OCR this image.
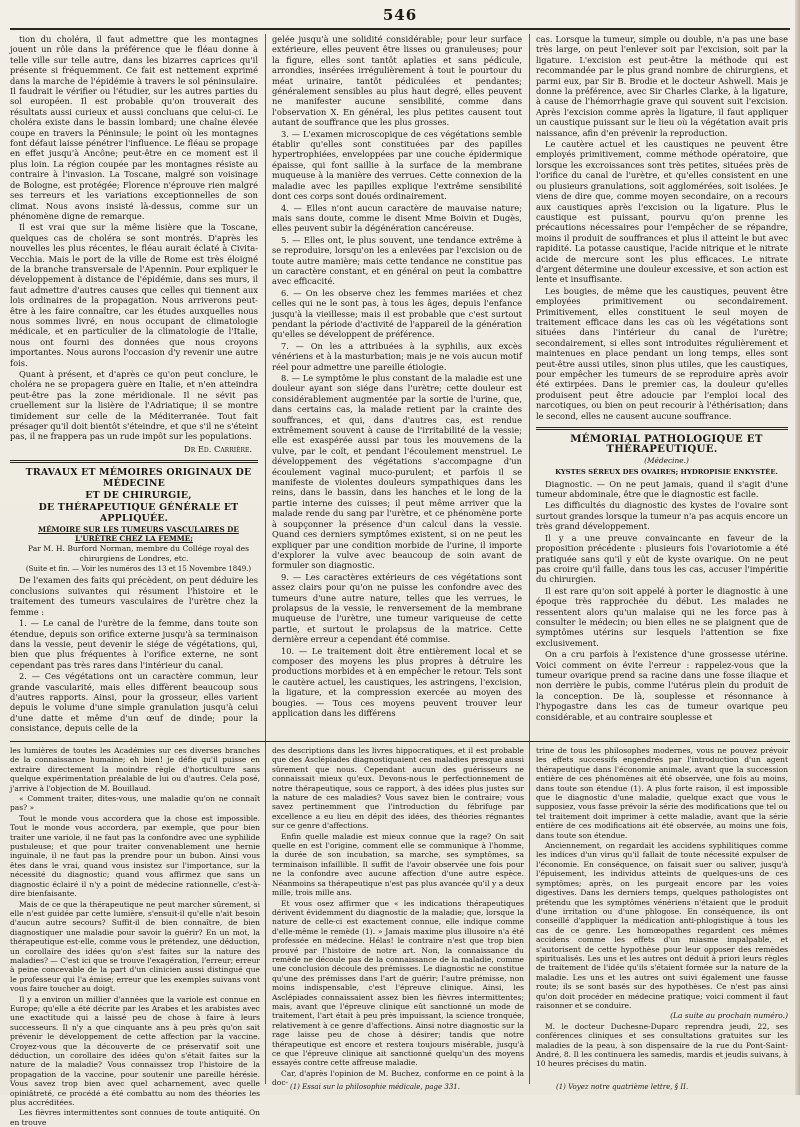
546

tion du choléra, il faut admettre que les montagnes jouent un rôle dans la préférence que le fléau donne à telle ville sur telle autre, dans les bizarres caprices qu'il présente si fréquemment. Ce fait est nettement exprimé dans la marche de l'épidémie à travers le sol péninsulaire. Il faudrait le vérifier ou l'étudier, sur les autres parties du sol européen. Il est probable qu'on trouverait des résultats aussi curieux et aussi concluans que celui-ci. Le choléra existe dans le bassin lombard; une chaîne élevée coupe en travers la Péninsule; le point où les montagnes font défaut laisse pénétrer l'influence. Le fléau se propage en effet jusqu'à Ancône; peut-être en ce moment est il plus loin. La région coupée par les montagnes résiste au contraire à l'invasion. La Toscane, malgré son voisinage de Bologne, est protégée; Florence n'éprouve rien malgré ses terreurs et les variations exceptionnelles de son climat. Nous avons insisté là-dessus, comme sur un phénomène digne de remarque.

Il est vrai que sur la même lisière que la Toscane, quelques cas de choléra se sont montrés. D'après les nouvelles les plus récentes, le fléau aurait éclaté à Civita-Vecchia. Mais le port de la ville de Rome est très éloigné de la branche transversale de l'Apennin. Pour expliquer le développement à distance de l'épidémie, dans ses murs, il faut admettre d'autres causes que celles qui tiennent aux lois ordinaires de la propagation. Nous arriverons peut-être à les faire connaître, car les études auxquelles nous nous sommes livré, en nous occupant de climatologie médicale, et en particulier de la climatologie de l'Italie, nous ont fourni des données que nous croyons importantes. Nous aurons l'occasion d'y revenir une autre fois.

Quant à présent, et d'après ce qu'on peut conclure, le choléra ne se propagera guère en Italie, et n'en atteindra peut-être pas la zone méridionale. Il ne sévit pas cruellement sur la lisière de l'Adriatique; il se montre timidement sur celle de la Méditerranée. Tout fait présager qu'il doit bientôt s'éteindre, et que s'il ne s'éteint pas, il ne frappera pas un rude impôt sur les populations.

Dr Ed. Carrière.

TRAVAUX ET MÉMOIRES ORIGINAUX DE MÉDECINE

ET DE CHIRURGIE,

DE THÉRAPEUTIQUE GÉNÉRALE ET APPLIQUÉE.

MÉMOIRE SUR LES TUMEURS VASCULAIRES DE L'URÈTRE CHEZ LA FEMME;

Par M. H. Burford Norman, membre du Collége royal des chirurgiens de Londres, etc.

(Suite et fin. — Voir les numéros des 13 et 15 Novembre 1849.)

De l'examen des faits qui précèdent, on peut déduire les conclusions suivantes qui résument l'histoire et le traitement des tumeurs vasculaires de l'urètre chez la femme :

1. — Le canal de l'urètre de la femme, dans toute son étendue, depuis son orifice externe jusqu'à sa terminaison dans la vessie, peut devenir le siége de végétations, qui, bien que plus fréquentes à l'orifice externe, ne sont cependant pas très rares dans l'intérieur du canal.

2. — Ces végétations ont un caractère commun, leur grande vascularité, mais elles diffèrent beaucoup sous d'autres rapports. Ainsi, pour la grosseur, elles varient depuis le volume d'une simple granulation jusqu'à celui d'une datte et même d'un œuf de dinde; pour la consistance, depuis celle de la

gelée jusqu'à une solidité considérable; pour leur surface extérieure, elles peuvent être lisses ou granuleuses; pour la figure, elles sont tantôt aplaties et sans pédicule, arrondies, insérées irrégulièrement à tout le pourtour du méat urinaire, tantôt pédiculées et pendantes; généralement sensibles au plus haut degré, elles peuvent ne manifester aucune sensibilité, comme dans l'observation X. En général, les plus petites causent tout autant de souffrance que les plus grosses.

3. — L'examen microscopique de ces végétations semble établir qu'elles sont constituées par des papilles hypertrophiées, enveloppées par une couche épidermique épaisse, qui font saillie à la surface de la membrane muqueuse à la manière des verrues. Cette connexion de la maladie avec les papilles explique l'extrême sensibilité dont ces corps sont doués ordinairement.

4. — Elles n'ont aucun caractère de mauvaise nature; mais sans doute, comme le disent Mme Boivin et Dugès, elles peuvent subir la dégénération cancéreuse.

5. — Elles ont, le plus souvent, une tendance extrême à se reproduire, lorsqu'on les a enlevées par l'excision ou de toute autre manière; mais cette tendance ne constitue pas un caractère constant, et en général on peut la combattre avec efficacité.

6. — On les observe chez les femmes mariées et chez celles qui ne le sont pas, à tous les âges, depuis l'enfance jusqu'à la vieillesse; mais il est probable que c'est surtout pendant la période d'activité de l'appareil de la génération qu'elles se développent de préférence.

7. — On les a attribuées à la syphilis, aux excès vénériens et à la masturbation; mais je ne vois aucun motif réel pour admettre une pareille étiologie.

8. — Le symptôme le plus constant de la maladie est une douleur ayant son siége dans l'urètre; cette douleur est considérablement augmentée par la sortie de l'urine, que, dans certains cas, la malade retient par la crainte des souffrances, et qui, dans d'autres cas, est rendue extrêmement souvent à cause de l'irritabilité de la vessie; elle est exaspérée aussi par tous les mouvemens de la vulve, par le coït, et pendant l'écoulement menstruel. Le développement des végétations s'accompagne d'un écoulement vaginal muco-purulent; et parfois il se manifeste de violentes douleurs sympathiques dans les reins, dans le bassin, dans les hanches et le long de la partie interne des cuisses; il peut même arriver que la malade rende du sang par l'urètre, et ce phénomène porte à soupçonner la présence d'un calcul dans la vessie. Quand ces derniers symptômes existent, si on ne peut les expliquer par une condition morbide de l'urine, il importe d'explorer la vulve avec beaucoup de soin avant de formuler son diagnostic.

9. — Les caractères extérieurs de ces végétations sont assez clairs pour qu'on ne puisse les confondre avec des tumeurs d'une autre nature, telles que les verrues, le prolapsus de la vessie, le renversement de la membrane muqueuse de l'urètre, une tumeur variqueuse de cette partie, et surtout le prolapsus de la matrice. Cette dernière erreur a cependant été commise.

10. — Le traitement doit être entièrement local et se composer des moyens les plus propres à détruire les productions morbides et à en empêcher le retour. Tels sont le cautère actuel, les caustiques, les astringens, l'excision, la ligature, et la compression exercée au moyen des bougies. — Tous ces moyens peuvent trouver leur application dans les différens

cas. Lorsque la tumeur, simple ou double, n'a pas une base très large, on peut l'enlever soit par l'excision, soit par la ligature. L'excision est peut-être la méthode qui est recommandée par le plus grand nombre de chirurgiens, et parmi eux, par Sir B. Brodie et le docteur Ashwell. Mais je donne la préférence, avec Sir Charles Clarke, à la ligature, à cause de l'hémorrhagie grave qui souvent suit l'excision. Après l'excision comme après la ligature, il faut appliquer un caustique puissant sur le lieu où la végétation avait pris naissance, afin d'en prévenir la reproduction.

Le cautère actuel et les caustiques ne peuvent être employés primitivement, comme méthode opératoire, que lorsque les excroissances sont très petites, situées près de l'orifice du canal de l'urètre, et qu'elles consistent en une ou plusieurs granulations, soit agglomérées, soit isolées. Je viens de dire que, comme moyen secondaire, on a recours aux caustiques après l'excision ou la ligature. Plus le caustique est puissant, pourvu qu'on prenne les précautions nécessaires pour l'empêcher de se répandre, moins il produit de souffrances et plus il atteint le but avec rapidité. La potasse caustique, l'acide nitrique et le nitrate acide de mercure sont les plus efficaces. Le nitrate d'argent détermine une douleur excessive, et son action est lente et insuffisante.

Les bougies, de même que les caustiques, peuvent être employées primitivement ou secondairement. Primitivement, elles constituent le seul moyen de traitement efficace dans les cas où les végétations sont situées dans l'intérieur du canal de l'urètre; secondairement, si elles sont introduites régulièrement et maintenues en place pendant un long temps, elles sont peut-être aussi utiles, sinon plus utiles, que les caustiques, pour empêcher les tumeurs de se reproduire après avoir été extirpées. Dans le premier cas, la douleur qu'elles produisent peut être adoucie par l'emploi local des narcotiques, ou bien on peut recourir à l'éthérisation; dans le second, elles ne causent aucune souffrance.

MÉMORIAL PATHOLOGIQUE ET THÉRAPEUTIQUE.

(Médecine.)

KYSTES SÉREUX DES OVAIRES; HYDROPISIE ENKYSTÉE.

Diagnostic. — On ne peut jamais, quand il s'agit d'une tumeur abdominale, être que le diagnostic est facile.

Les difficultés du diagnostic des kystes de l'ovaire sont surtout grandes lorsque la tumeur n'a pas acquis encore un très grand développement.

Il y a une preuve convaincante en faveur de la proposition précédente : plusieurs fois l'ovariotomie a été pratiquée sans qu'il y eût de kyste ovarique. On ne peut pas croire qu'il faille, dans tous les cas, accuser l'impéritie du chirurgien.

Il est rare qu'on soit appelé à porter le diagnostic à une époque très rapprochée du début. Les malades ne ressentent alors qu'un malaise qui ne les force pas à consulter le médecin; ou bien elles ne se plaignent que de symptômes utérins sur lesquels l'attention se fixe exclusivement.

On a cru parfois à l'existence d'une grossesse utérine. Voici comment on évite l'erreur : rappelez-vous que la tumeur ovarique prend sa racine dans une fosse iliaque et non derrière le pubis, comme l'utérus plein du produit de la conception. De là, souplesse et résonnance à l'hypogastre dans les cas de tumeur ovarique peu considérable, et au contraire souplesse et

les lumières de toutes les Académies sur ces diverses branches de la connaissance humaine; eh bien! je défie qu'il puisse en extraire directement la moindre règle d'horticulture sans quelque expérimentation préalable de lui ou d'autres. Cela posé, j'arrive à l'objection de M. Bouillaud.

« Comment traiter, dites-vous, une maladie qu'on ne connaît pas? »

Tout le monde vous accordera que la chose est impossible. Tout le monde vous accordera, par exemple, que pour bien traiter une variole, il ne faut pas la confondre avec une syphilide pustuleuse; et que pour traiter convenablement une hernie inguinale, il ne faut pas la prendre pour un bubon. Ainsi vous êtes dans le vrai, quand vous insistez sur l'importance, sur la nécessité du diagnostic; quand vous affirmez que sans un diagnostic éclairé il n'y a point de médecine rationnelle, c'est-à-dire bienfaisante.

Mais de ce que la thérapeutique ne peut marcher sûrement, si elle n'est guidée par cette lumière, s'ensuit-il qu'elle n'ait besoin d'aucun autre secours? Suffit-il de bien connaître, de bien diagnostiquer une maladie pour savoir la guérir? En un mot, la thérapeutique est-elle, comme vous le prétendez, une déduction, un corollaire des idées qu'on s'est faites sur la nature des maladies? — C'est ici que se trouve l'exagération, l'erreur; erreur à peine concevable de la part d'un clinicien aussi distingué que le professeur qui l'a émise; erreur que les exemples suivans vont vous faire toucher au doigt.

Il y a environ un millier d'années que la variole est connue en Europe; qu'elle a été décrite par les Arabes et les arabistes avec une exactitude qui a laissé peu de chose à faire à leurs successeurs. Il n'y a que cinquante ans à peu près qu'on sait prévenir le développement de cette affection par la vaccine. Croyez-vous que la découverte de ce préservatif soit une déduction, un corollaire des idées qu'on s'était faites sur la nature de la maladie? Vous connaissez trop l'histoire de la propagation de la vaccine, pour soutenir une pareille hérésie. Vous savez trop bien avec quel acharnement, avec quelle opiniâtreté, ce procédé a été combattu au nom des théories les plus accréditées.

Les fièvres intermittentes sont connues de toute antiquité. On en trouve

des descriptions dans les livres hippocratiques, et il est probable que des Asclépiades diagnostiquaient ces maladies presque aussi sûrement que nous. Cependant aucun des guérisseurs ne connaissait mieux qu'eux. Devons-nous le perfectionnement de notre thérapeutique, sous ce rapport, à des idées plus justes sur la nature de ces maladies? Vous savez bien le contraire; vous savez pertinemment que l'introduction du fébrifuge par excellence a eu lieu en dépit des idées, des théories régnantes sur ce genre d'affections.

Enfin quelle maladie est mieux connue que la rage? On sait quelle en est l'origine, comment elle se communique à l'homme, la durée de son incubation, sa marche, ses symptômes, sa terminaison infaillible. Il suffit de l'avoir observée une fois pour ne la confondre avec aucune affection d'une autre espèce. Néanmoins sa thérapeutique n'est pas plus avancée qu'il y a deux mille, trois mille ans.

Et vous osez affirmer que « les indications thérapeutiques dérivent évidemment du diagnostic de la maladie; que, lorsque la nature de celle-ci est exactement connue, elle indique comme d'elle-même le remède (1). » Jamais maxime plus illusoire n'a été professée en médecine. Hélas! le contraire n'est que trop bien prouvé par l'histoire de notre art. Non, la connaissance du remède ne découle pas de la connaissance de la maladie, comme une conclusion découle des prémisses. Le diagnostic ne constitue qu'une des prémisses dans l'art de guérir; l'autre prémisse, non moins indispensable, c'est l'épreuve clinique. Ainsi, les Asclépiades connaissaient assez bien les fièvres intermittentes; mais, avant que l'épreuve clinique eût sanctionné un mode de traitement, l'art était à peu près impuissant, la science tronquée, relativement à ce genre d'affections. Ainsi notre diagnostic sur la rage laisse peu de chose à désirer; tandis que notre thérapeutique est encore et restera toujours misérable, jusqu'à ce que l'épreuve clinique ait sanctionné quelqu'un des moyens essayés contre cette affreuse maladie.

Car, d'après l'opinion de M. Buchez, conforme en ce point à la doc-

trine de tous les philosophes modernes, vous ne pouvez prévoir les effets successifs engendrés par l'introduction d'un agent thérapeutique dans l'économie animale, avant que la succession entière de ces phénomènes ait été observée, une fois au moins, dans toute son étendue (1). A plus forte raison, il est impossible que le diagnostic d'une maladie, quelque exact que vous le supposiez, vous fasse prévoir la série des modifications que tel ou tel traitement doit imprimer à cette maladie, avant que la série entière de ces modifications ait été observée, au moins une fois, dans toute son étendue.

Anciennement, on regardait les accidens syphilitiques comme les indices d'un virus qu'il fallait de toute nécessité expulser de l'économie. En conséquence, on faisait suer ou saliver, jusqu'à l'épuisement, les individus atteints de quelques-uns de ces symptômes; après, on les purgeait encore par les voies digestives. Dans les derniers temps, quelques pathologistes ont prétendu que les symptômes vénériens n'étaient que le produit d'une irritation ou d'une phlogose. En conséquence, ils ont conseillé d'appliquer la médication anti-phlogistique à tous les cas de ce genre. Les homœopathes regardent ces mêmes accidens comme les effets d'un miasme impalpable, et s'autorisent de cette hypothèse pour leur opposer des remèdes spiritualisés. Les uns et les autres ont déduit à priori leurs règles de traitement de l'idée qu'ils s'étaient formée sur la nature de la maladie. Les uns et les autres ont suivi également une fausse route; ils se sont basés sur des hypothèses. Ce n'est pas ainsi qu'on doit procéder en médecine pratique; voici comment il faut raisonner et se conduire.

(La suite au prochain numéro.)

M. le docteur Duchesne-Duparc reprendra jeudi, 22, ses conférences cliniques et ses consultations gratuites sur les maladies de la peau, à son dispensaire de la rue du Pont-Saint-André, 8. Il les continuera les samedis, mardis et jeudis suivans, à 10 heures précises du matin.

(1) Essai sur la philosophie médicale, page 331.	(1) Voyez notre quatrième lettre, § II.
